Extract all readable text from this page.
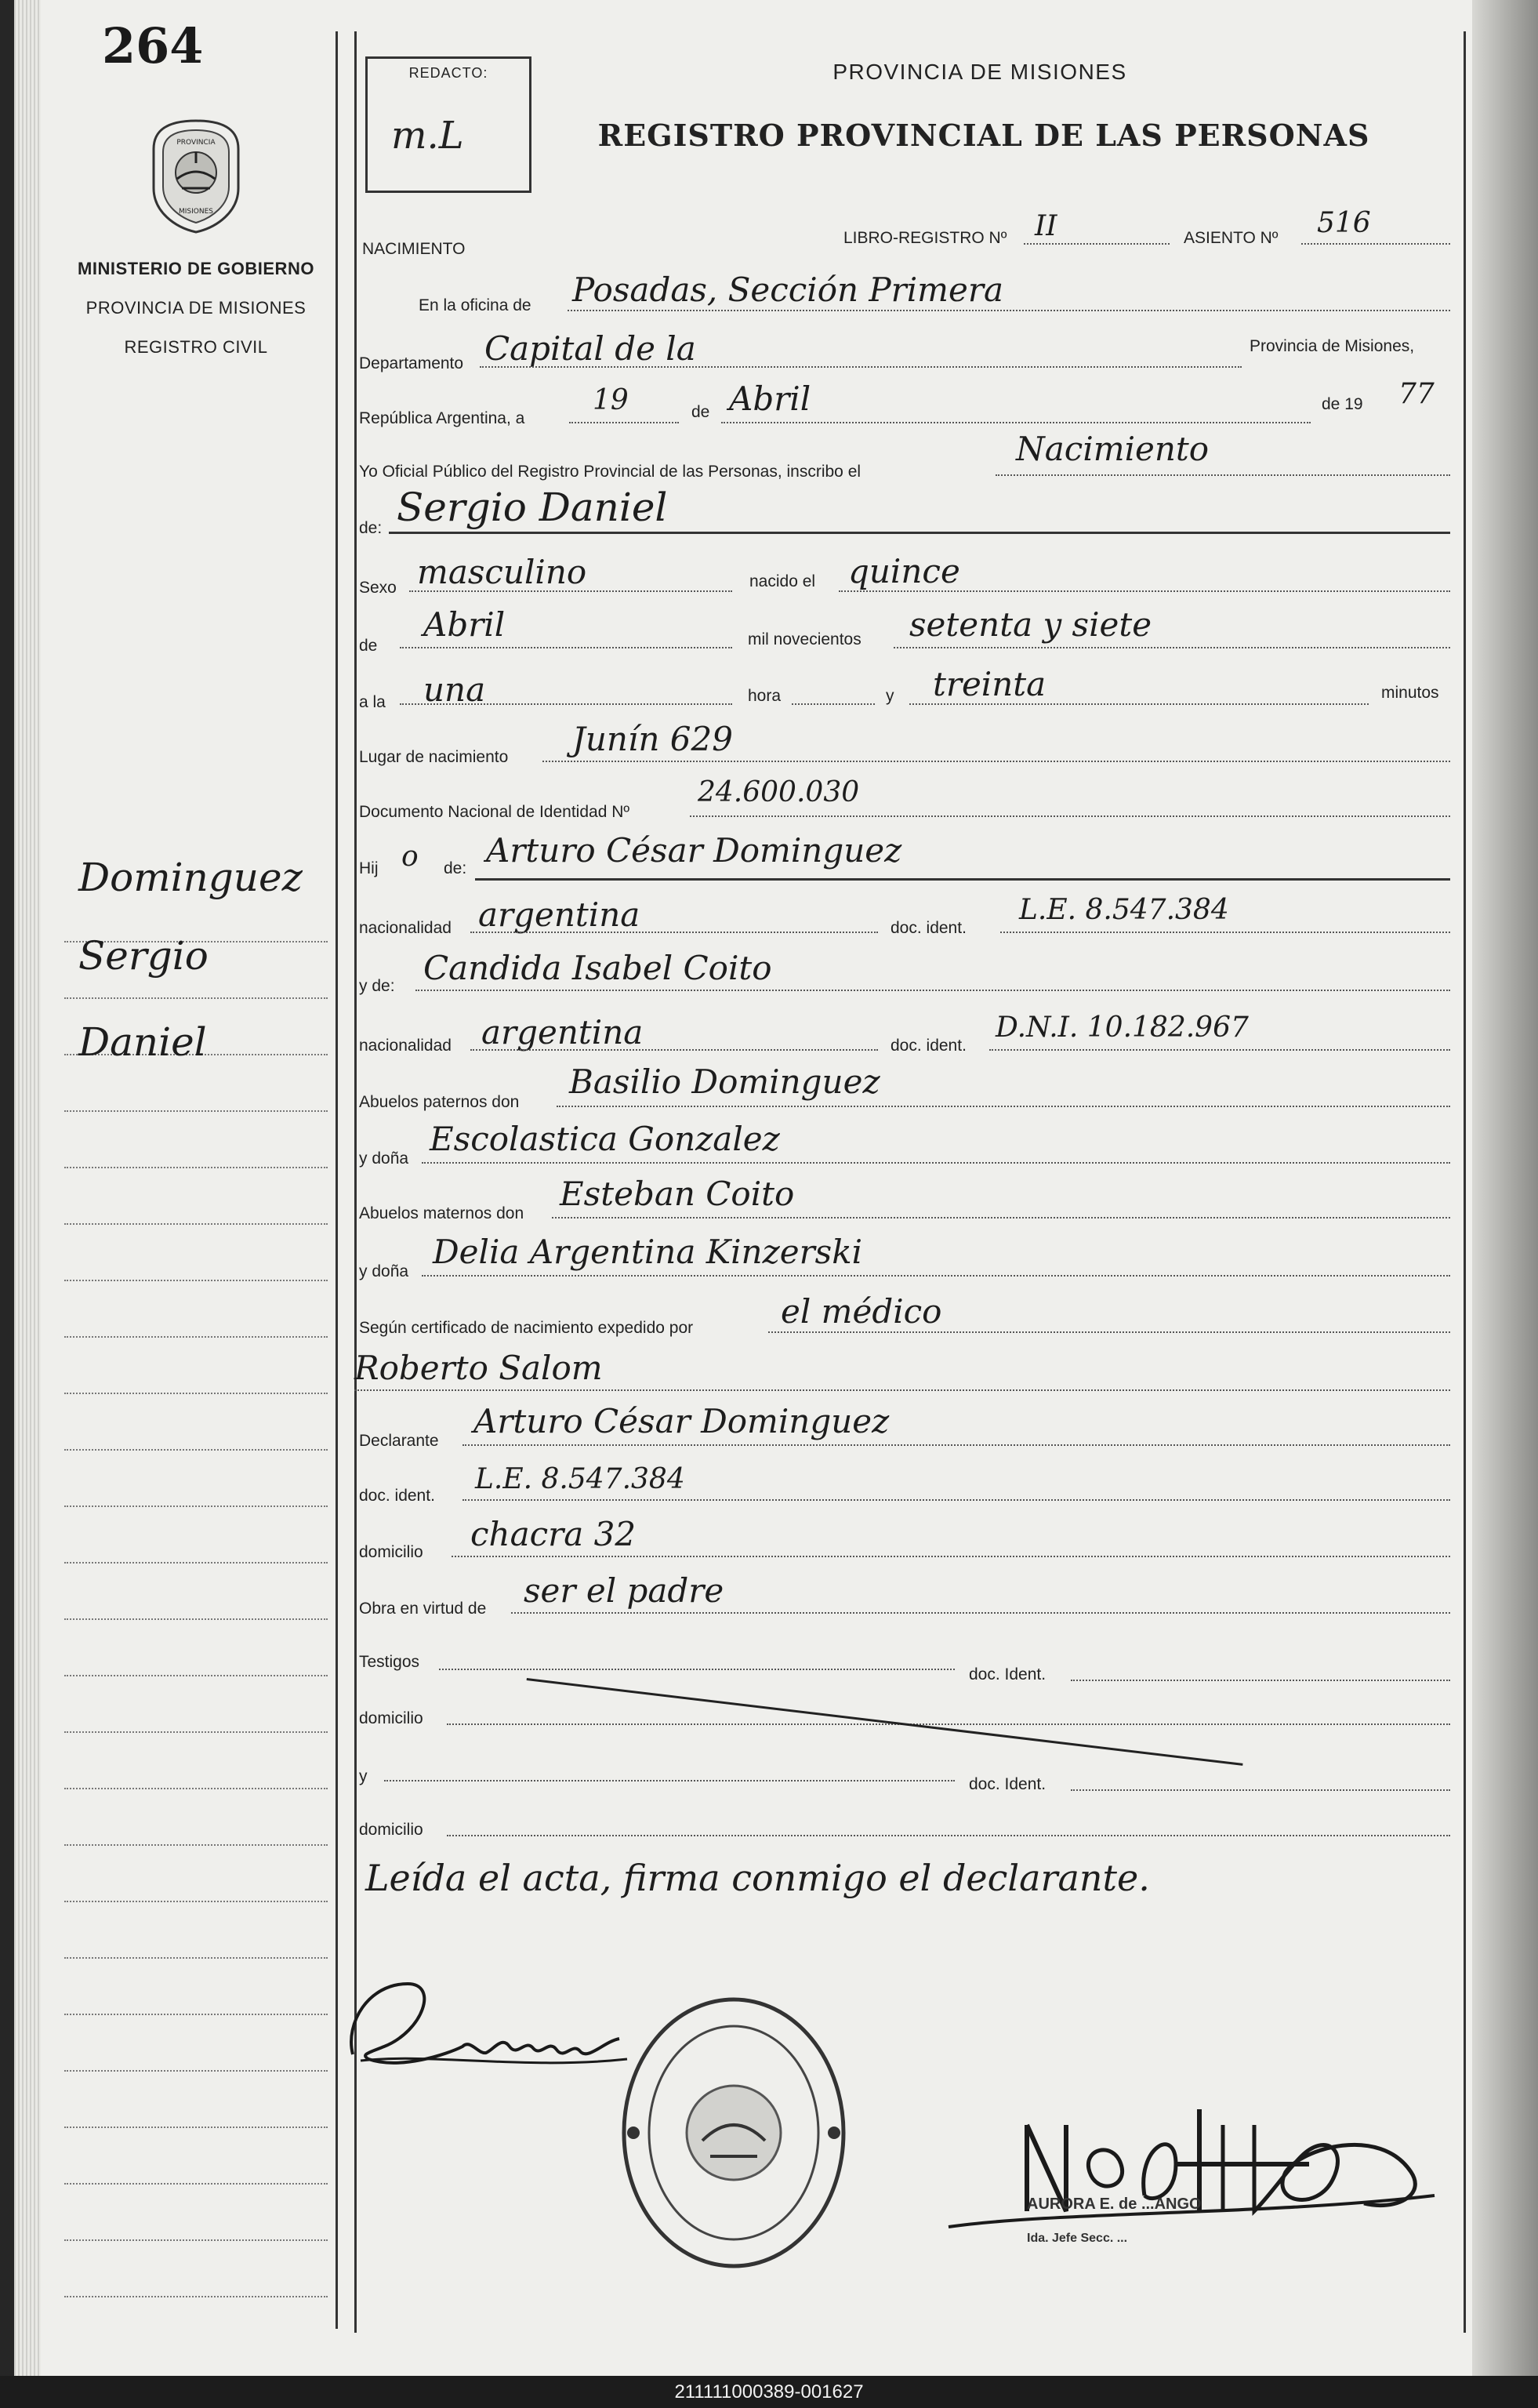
264
PROVINCIA
MISIONES
MINISTERIO DE GOBIERNO
PROVINCIA DE MISIONES
REGISTRO CIVIL
Dominguez
Sergio
Daniel
REDACTO:
m.L
PROVINCIA DE MISIONES
REGISTRO PROVINCIAL DE LAS PERSONAS
NACIMIENTO
LIBRO-REGISTRO Nº II	ASIENTO Nº 516
En la oficina de Posadas, Sección Primera
Departamento Capital de la	Provincia de Misiones,
República Argentina, a
19	de Abril	de 19 77
Yo Oficial Público del Registro Provincial de las Personas, inscribo el
Nacimiento
de: Sergio Daniel
Sexo masculino	nacido el quince
de
Abril	mil novecientos setenta y siete
a la una	hora	y treinta	minutos
Lugar de nacimiento Junín 629
Documento Nacional de Identidad Nº
24.600.030
Hij o de: Arturo César Dominguez
nacionalidad argentina	doc. ident.
L.E. 8.547.384
y de: Candida Isabel Coito
nacionalidad argentina	doc. ident.
D.N.I. 10.182.967
Abuelos paternos don
Basilio Dominguez
y doña
Escolastica Gonzalez
Abuelos maternos don
Esteban Coito
y doña
Delia Argentina Kinzerski
Según certificado de nacimiento expedido por	el médico
Roberto Salom
Declarante
Arturo César Dominguez
doc. ident.
L.E. 8.547.384
domicilio chacra 32
Obra en virtud de ser el padre
Testigos
doc. Ident.
domicilio
y	doc. Ident.
domicilio
Leída el acta, firma conmigo el declarante.
AURORA E. de ...ANGO
Ida. Jefe Secc. ...
211111000389-001627
